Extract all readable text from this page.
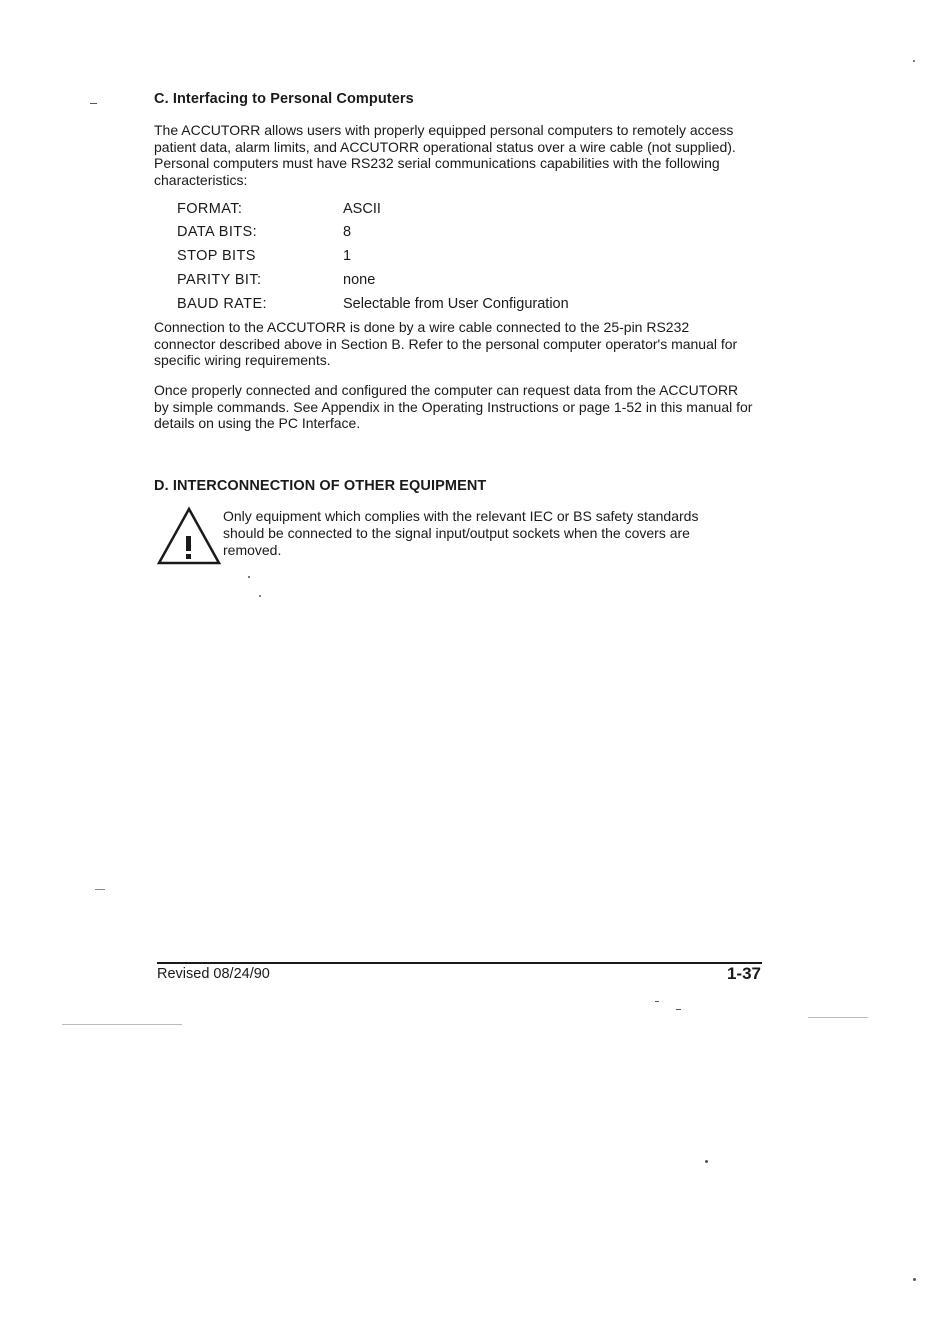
C. Interfacing to Personal Computers

The ACCUTORR allows users with properly equipped personal computers to remotely access patient data, alarm limits, and ACCUTORR operational status over a wire cable (not supplied). Personal computers must have RS232 serial communications capabilities with the following characteristics:

FORMAT:	ASCII
DATA BITS:	8
STOP BITS	1
PARITY BIT:	none
BAUD RATE:	Selectable from User Configuration

Connection to the ACCUTORR is done by a wire cable connected to the 25-pin RS232 connector described above in Section B. Refer to the personal computer operator's manual for specific wiring requirements.

Once properly connected and configured the computer can request data from the ACCUTORR by simple commands. See Appendix in the Operating Instructions or page 1-52 in this manual for details on using the PC Interface.

D. INTERCONNECTION OF OTHER EQUIPMENT

Only equipment which complies with the relevant IEC or BS safety standards should be connected to the signal input/output sockets when the covers are removed.

Revised 08/24/90	1-37
